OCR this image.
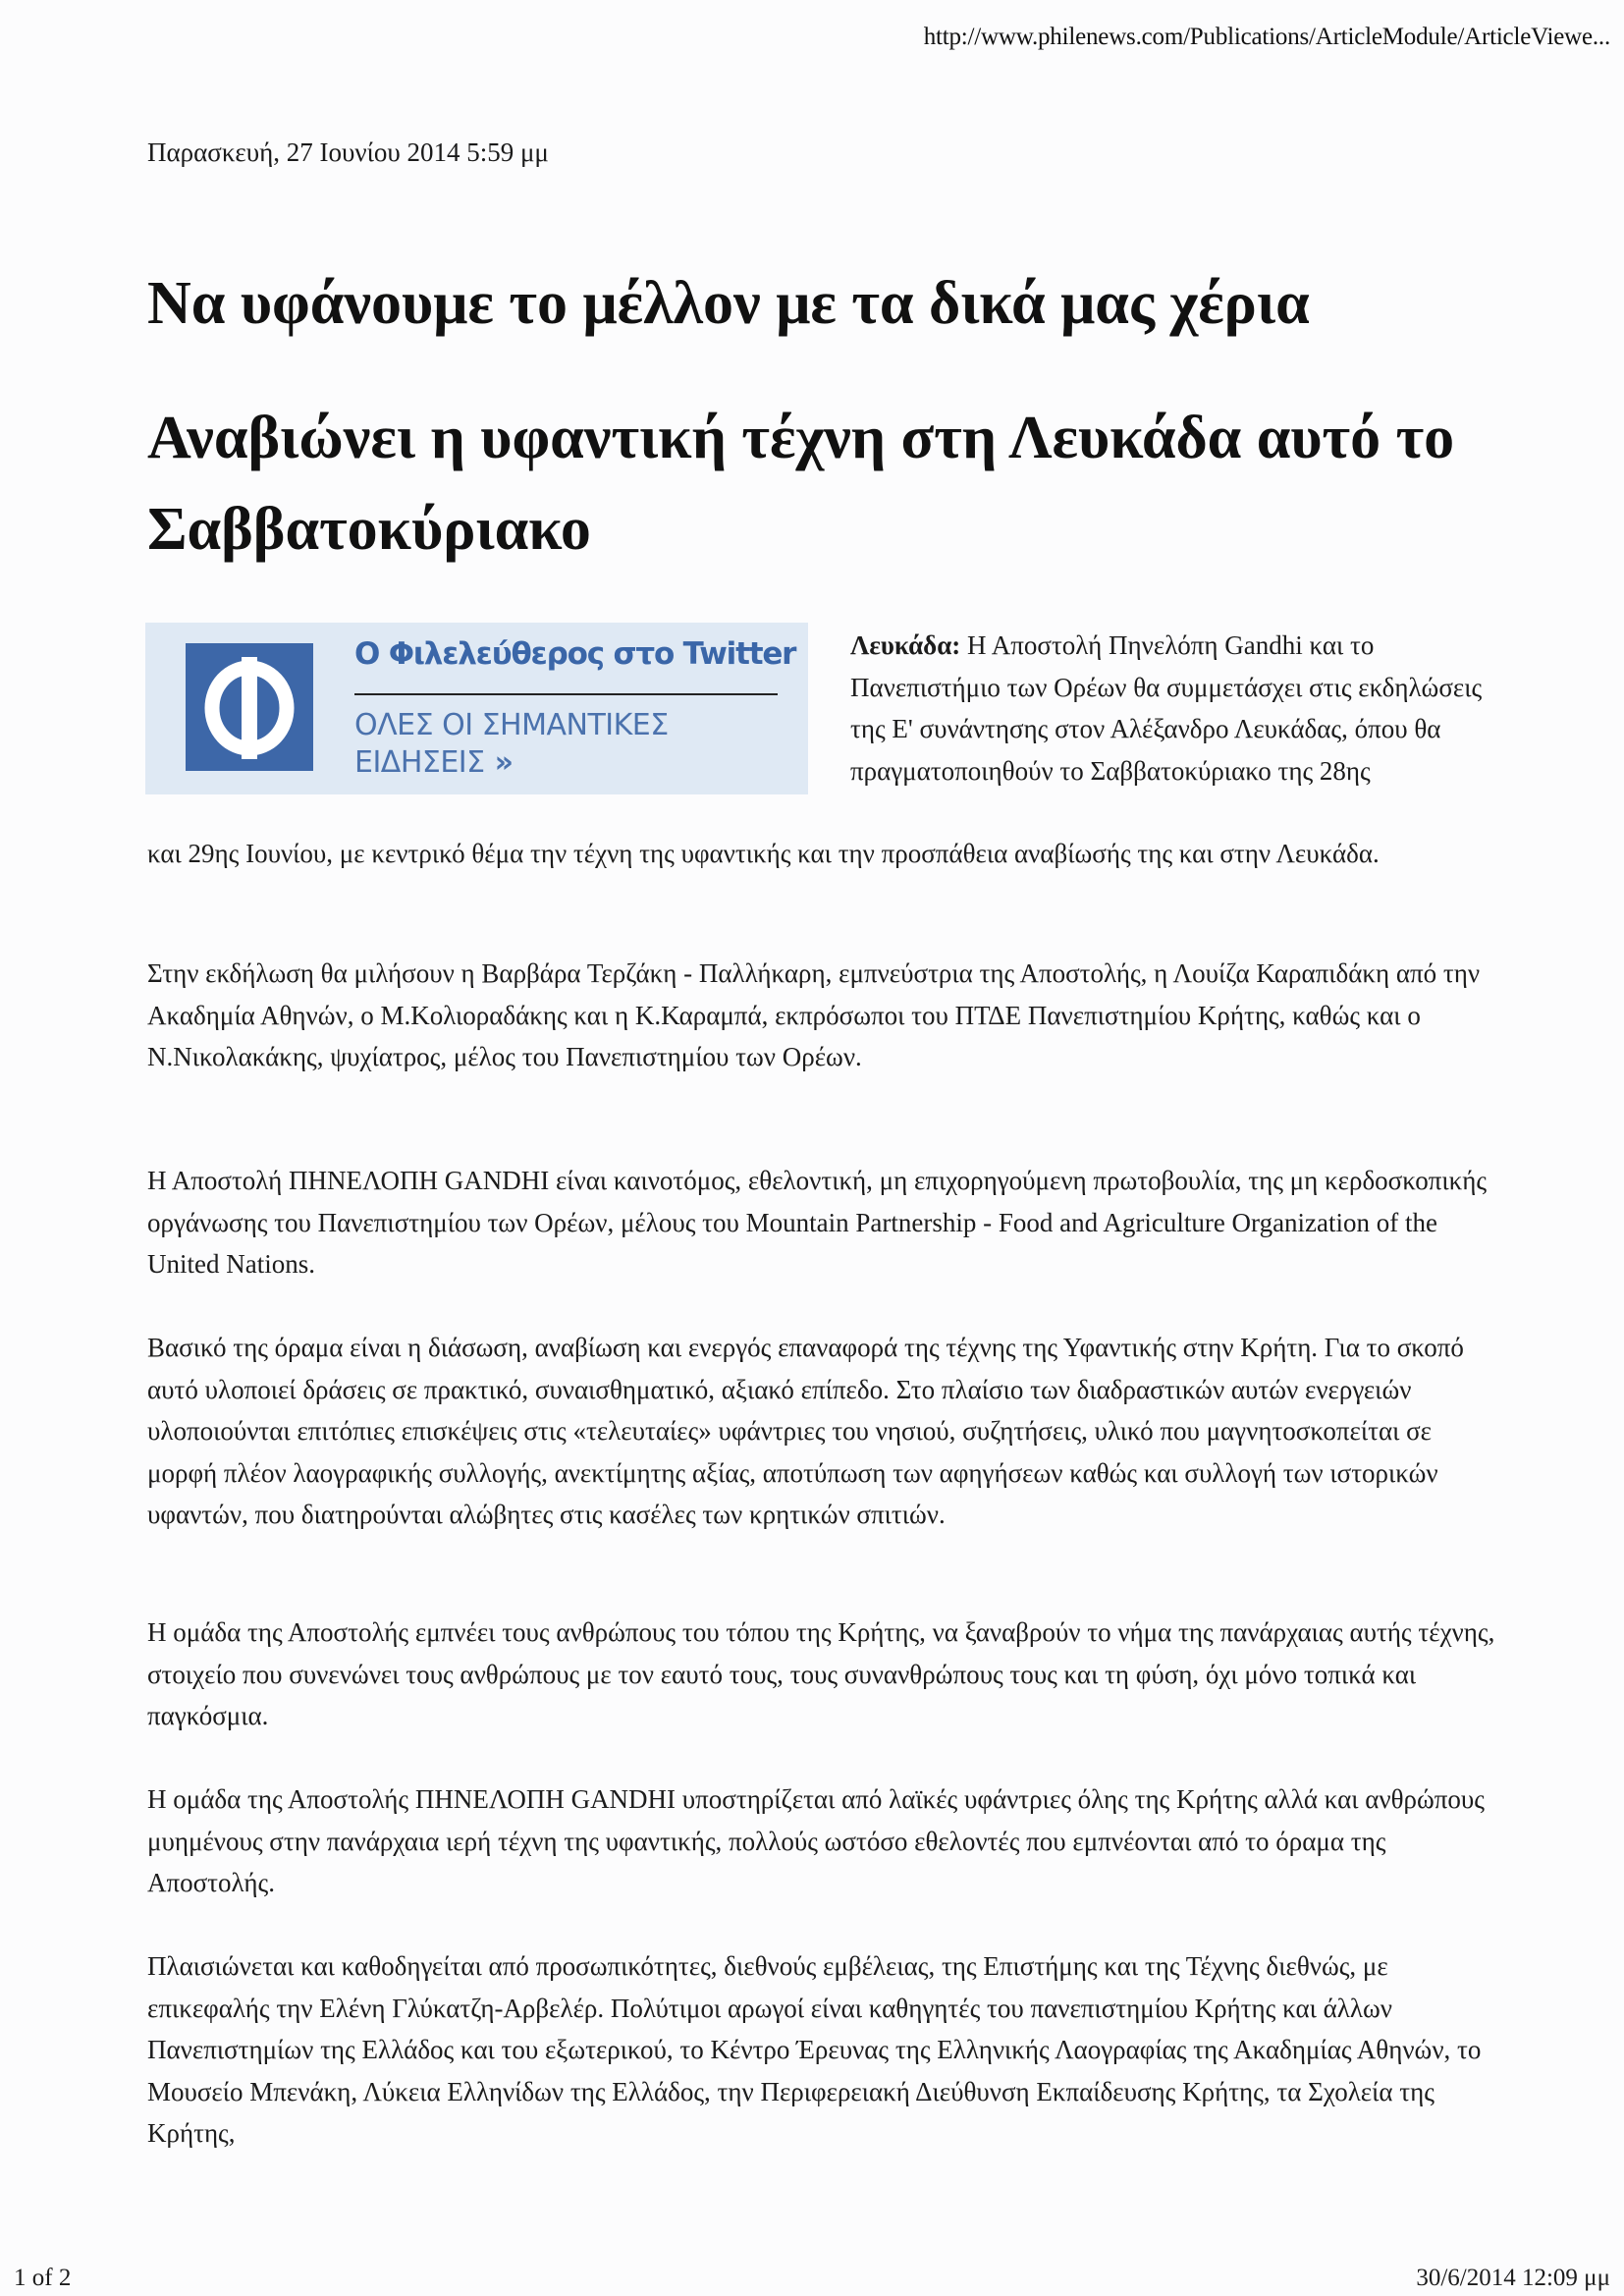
http://www.philenews.com/Publications/ArticleModule/ArticleViewe...
Παρασκευή, 27 Ιουνίου 2014 5:59 μμ
Να υφάνουμε το μέλλον με τα δικά μας χέρια
Αναβιώνει η υφαντική τέχνη στη Λευκάδα αυτό το Σαββατοκύριακο
Ο Φιλελεύθερος στο Twitter
ΟΛΕΣ ΟΙ ΣΗΜΑΝΤΙΚΕΣ
ΕΙΔΗΣΕΙΣ »
Λευκάδα: Η Αποστολή Πηνελόπη Gandhi και το Πανεπιστήμιο των Ορέων θα συμμετάσχει στις εκδηλώσεις της Ε' συνάντησης στον Αλέξανδρο Λευκάδας, όπου θα πραγματοποιηθούν το Σαββατοκύριακο της 28ης
και 29ης Ιουνίου, με κεντρικό θέμα την τέχνη της υφαντικής και την προσπάθεια αναβίωσής της και στην Λευκάδα.

Στην εκδήλωση θα μιλήσουν η Βαρβάρα Τερζάκη - Παλλήκαρη, εμπνεύστρια της Αποστολής, η Λουίζα Καραπιδάκη από την Ακαδημία Αθηνών, ο Μ.Κολιοραδάκης και η Κ.Καραμπά, εκπρόσωποι του ΠΤΔΕ Πανεπιστημίου Κρήτης, καθώς και ο Ν.Νικολακάκης, ψυχίατρος, μέλος του Πανεπιστημίου των Ορέων.

Η Αποστολή ΠΗΝΕΛΟΠΗ GANDHI είναι καινοτόμος, εθελοντική, μη επιχορηγούμενη πρωτοβουλία, της μη κερδοσκοπικής οργάνωσης του Πανεπιστημίου των Ορέων, μέλους του Mountain Partnership - Food and Agriculture Organization of the United Nations.

Βασικό της όραμα είναι η διάσωση, αναβίωση και ενεργός επαναφορά της τέχνης της Υφαντικής στην Κρήτη. Για το σκοπό αυτό υλοποιεί δράσεις σε πρακτικό, συναισθηματικό, αξιακό επίπεδο. Στο πλαίσιο των διαδραστικών αυτών ενεργειών υλοποιούνται επιτόπιες επισκέψεις στις «τελευταίες» υφάντριες του νησιού, συζητήσεις, υλικό που μαγνητοσκοπείται σε μορφή πλέον λαογραφικής συλλογής, ανεκτίμητης αξίας, αποτύπωση των αφηγήσεων καθώς και συλλογή των ιστορικών υφαντών, που διατηρούνται αλώβητες στις κασέλες των κρητικών σπιτιών.

Η ομάδα της Αποστολής εμπνέει τους ανθρώπους του τόπου της Κρήτης, να ξαναβρούν το νήμα της πανάρχαιας αυτής τέχνης, στοιχείο που συνενώνει τους ανθρώπους με τον εαυτό τους, τους συνανθρώπους τους και τη φύση, όχι μόνο τοπικά και παγκόσμια.

Η ομάδα της Αποστολής ΠΗΝΕΛΟΠΗ GANDHI υποστηρίζεται από λαϊκές υφάντριες όλης της Κρήτης αλλά και ανθρώπους μυημένους στην πανάρχαια ιερή τέχνη της υφαντικής, πολλούς ωστόσο εθελοντές που εμπνέονται από το όραμα της Αποστολής.

Πλαισιώνεται και καθοδηγείται από προσωπικότητες, διεθνούς εμβέλειας, της Επιστήμης και της Τέχνης διεθνώς, με επικεφαλής την Ελένη Γλύκατζη-Αρβελέρ. Πολύτιμοι αρωγοί είναι καθηγητές του πανεπιστημίου Κρήτης και άλλων Πανεπιστημίων της Ελλάδος και του εξωτερικού, το Κέντρο Έρευνας της Ελληνικής Λαογραφίας της Ακαδημίας Αθηνών, το Μουσείο Μπενάκη, Λύκεια Ελληνίδων της Ελλάδος, την Περιφερειακή Διεύθυνση Εκπαίδευσης Κρήτης, τα Σχολεία της Κρήτης,

1 of 2	30/6/2014 12:09 μμ
